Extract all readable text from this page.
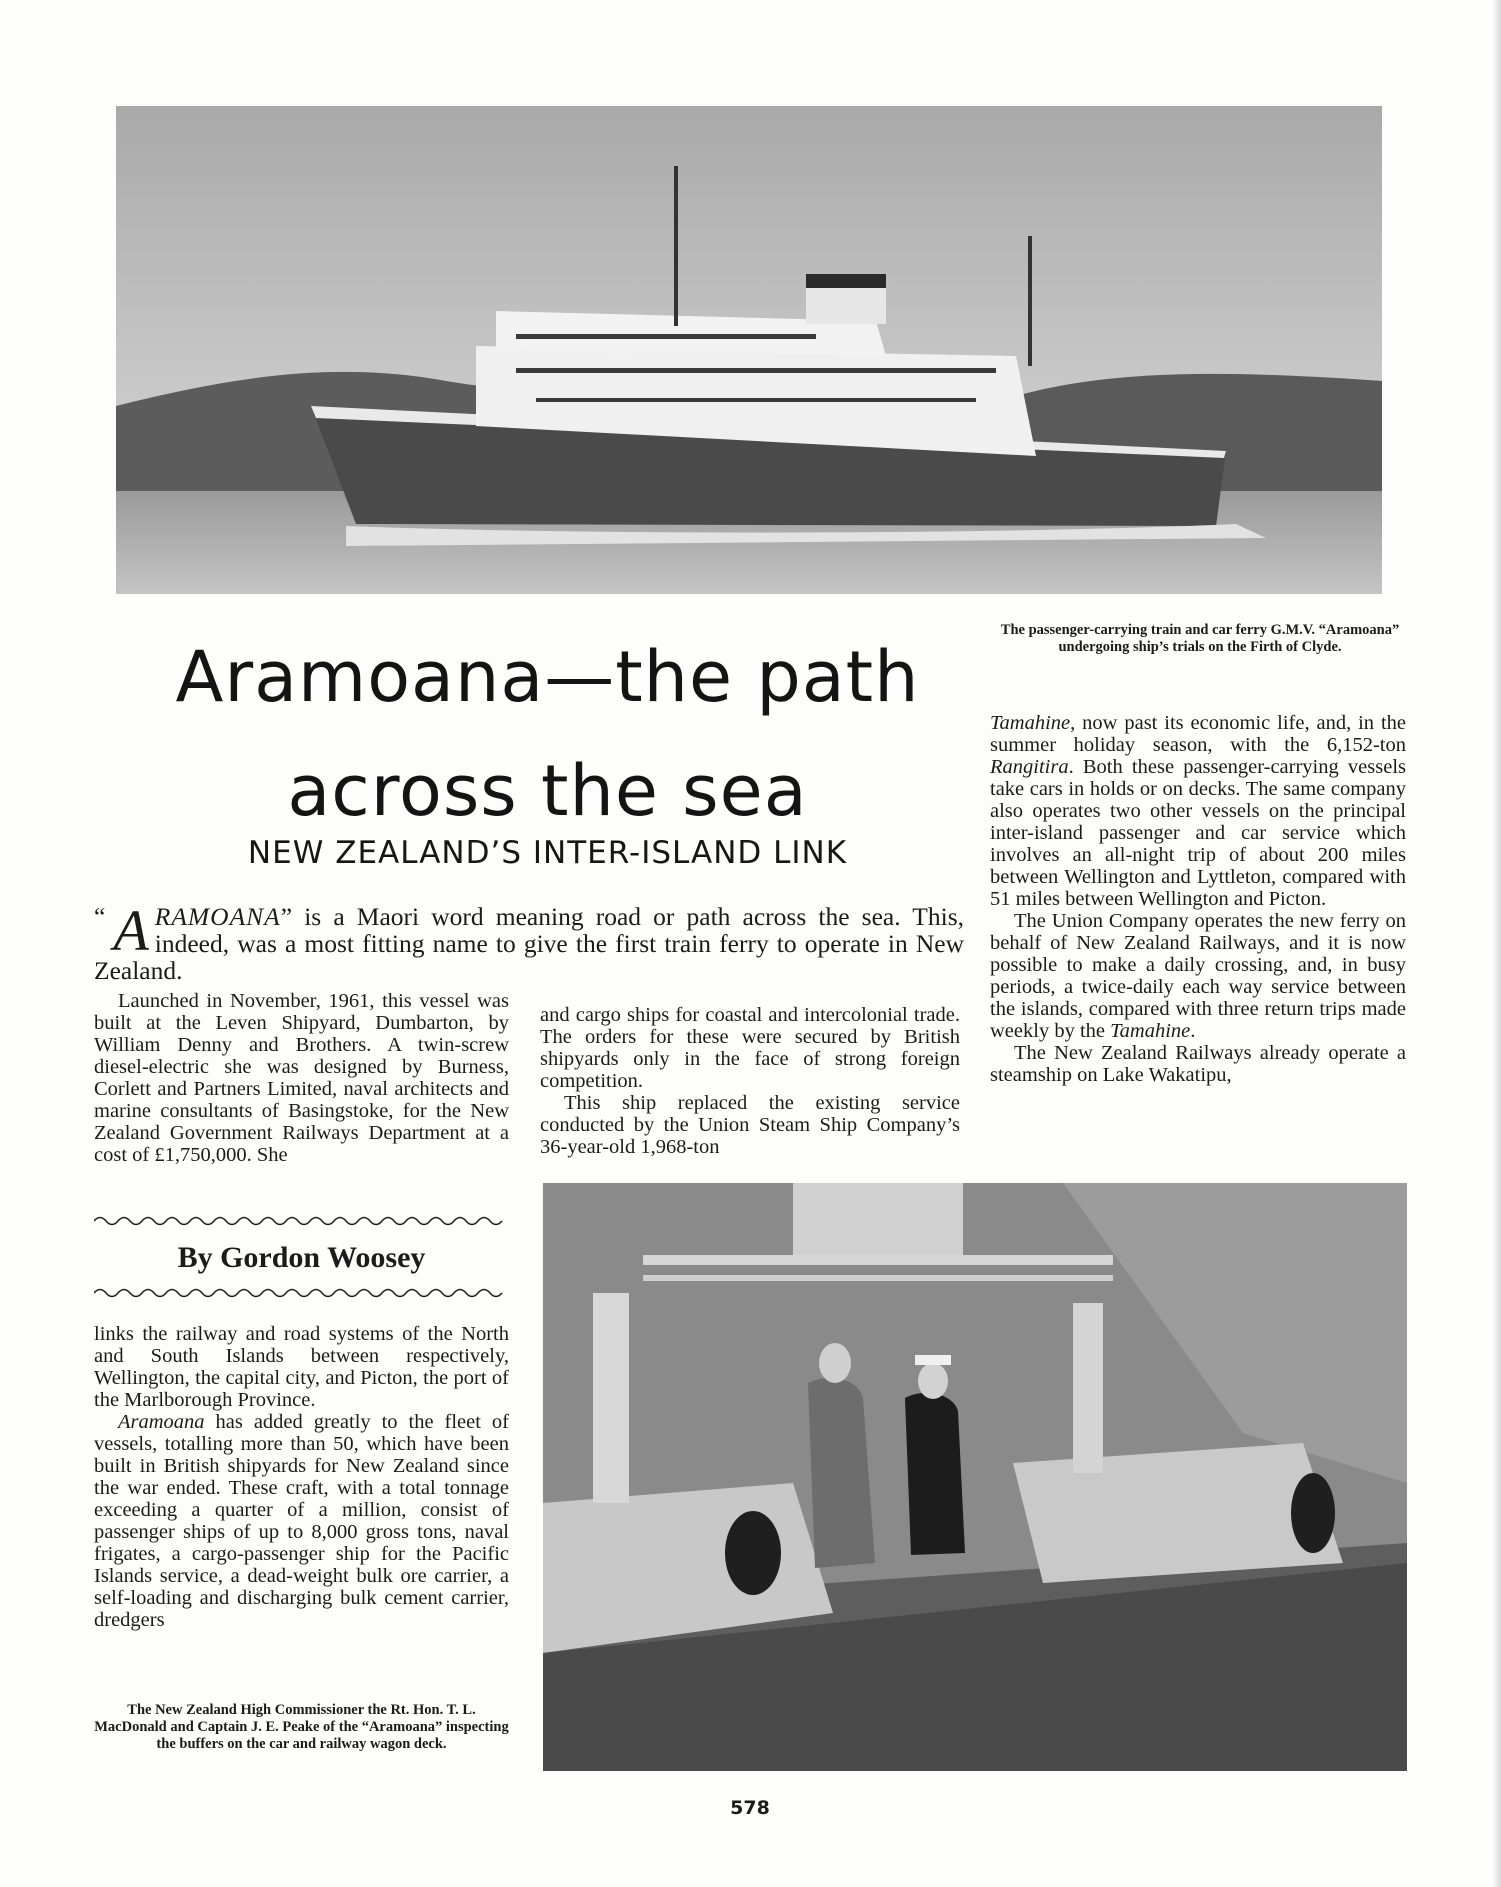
Aramoana—the path
across the sea
NEW ZEALAND’S INTER-ISLAND LINK

The passenger-carrying train and car ferry G.M.V. “Aramoana” undergoing ship’s trials on the Firth of Clyde.

“ A RAMOANA” is a Maori word meaning road or path across the sea. This, indeed, was a most fitting name to give the first train ferry to operate in New Zealand.

Launched in November, 1961, this vessel was built at the Leven Shipyard, Dumbarton, by William Denny and Brothers. A twin-screw diesel-electric she was designed by Burness, Corlett and Partners Limited, naval architects and marine consultants of Basingstoke, for the New Zealand Government Railways Department at a cost of £1,750,000. She

By Gordon Woosey

links the railway and road systems of the North and South Islands between respectively, Wellington, the capital city, and Picton, the port of the Marlborough Province.

Aramoana has added greatly to the fleet of vessels, totalling more than 50, which have been built in British shipyards for New Zealand since the war ended. These craft, with a total tonnage exceeding a quarter of a million, consist of passenger ships of up to 8,000 gross tons, naval frigates, a cargo-passenger ship for the Pacific Islands service, a dead-weight bulk ore carrier, a self-loading and discharging bulk cement carrier, dredgers

and cargo ships for coastal and intercolonial trade. The orders for these were secured by British shipyards only in the face of strong foreign competition.

This ship replaced the existing service conducted by the Union Steam Ship Company’s 36-year-old 1,968-ton

Tamahine, now past its economic life, and, in the summer holiday season, with the 6,152-ton Rangitira. Both these passenger-carrying vessels take cars in holds or on decks. The same company also operates two other vessels on the principal inter-island passenger and car service which involves an all-night trip of about 200 miles between Wellington and Lyttleton, compared with 51 miles between Wellington and Picton.

The Union Company operates the new ferry on behalf of New Zealand Railways, and it is now possible to make a daily crossing, and, in busy periods, a twice-daily each way service between the islands, compared with three return trips made weekly by the Tamahine.

The New Zealand Railways already operate a steamship on Lake Wakatipu,

The New Zealand High Commissioner the Rt. Hon. T. L. MacDonald and Captain J. E. Peake of the “Aramoana” inspecting the buffers on the car and railway wagon deck.

578
